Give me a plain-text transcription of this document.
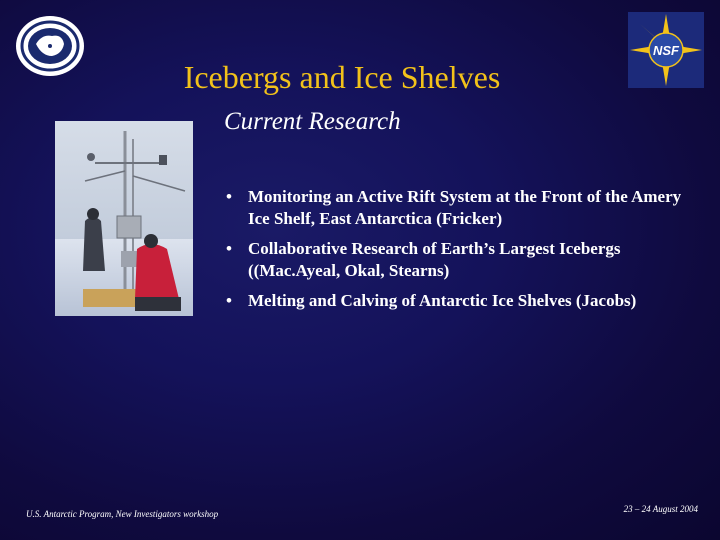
Icebergs and Ice Shelves
NSF
Current Research
• Monitoring an Active Rift System at the Front of the Amery Ice Shelf, East Antarctica (Fricker)
• Collaborative Research of Earth’s Largest Icebergs ((Mac.Ayeal, Okal, Stearns)
• Melting and Calving of Antarctic Ice Shelves (Jacobs)
U.S. Antarctic Program, New Investigators workshop	23 – 24 August 2004
